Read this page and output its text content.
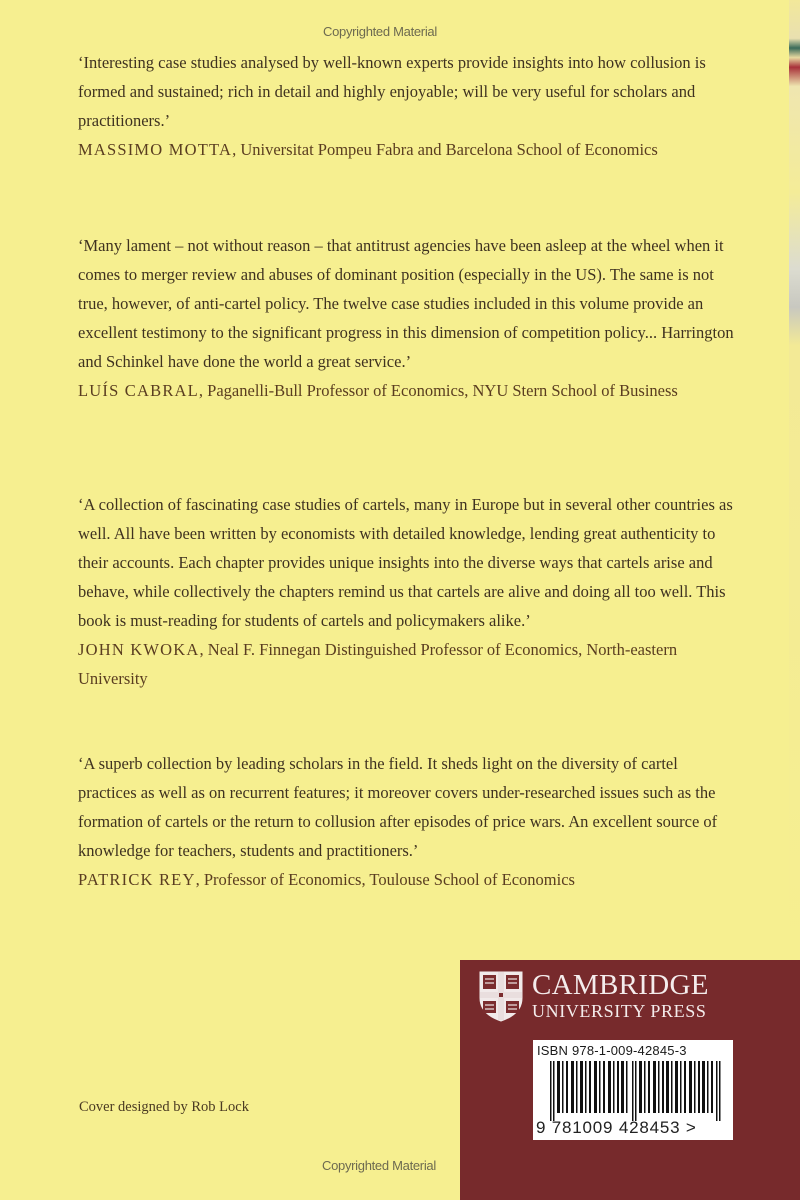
Copyrighted Material

‘Interesting case studies analysed by well-known experts provide insights into how collusion is formed and sustained; rich in detail and highly enjoyable; will be very useful for scholars and practitioners.’

MASSIMO MOTTA, Universitat Pompeu Fabra and Barcelona School of Economics

‘Many lament – not without reason – that antitrust agencies have been asleep at the wheel when it comes to merger review and abuses of dominant position (especially in the US). The same is not true, however, of anti-cartel policy. The twelve case studies included in this volume provide an excellent testimony to the significant progress in this dimension of competition policy... Harrington and Schinkel have done the world a great service.’

LUÍS CABRAL, Paganelli-Bull Professor of Economics, NYU Stern School of Business

‘A collection of fascinating case studies of cartels, many in Europe but in several other countries as well. All have been written by economists with detailed knowledge, lending great authenticity to their accounts. Each chapter provides unique insights into the diverse ways that cartels arise and behave, while collectively the chapters remind us that cartels are alive and doing all too well. This book is must-reading for students of cartels and policymakers alike.’

JOHN KWOKA, Neal F. Finnegan Distinguished Professor of Economics, North-eastern University

‘A superb collection by leading scholars in the field. It sheds light on the diversity of cartel practices as well as on recurrent features; it moreover covers under-researched issues such as the formation of cartels or the return to collusion after episodes of price wars. An excellent source of knowledge for teachers, students and practitioners.’

PATRICK REY, Professor of Economics, Toulouse School of Economics

Cover designed by Rob Lock
CAMBRIDGE
UNIVERSITY PRESS
ISBN 978-1-009-42845-3
9 781009 428453 >
Copyrighted Material
